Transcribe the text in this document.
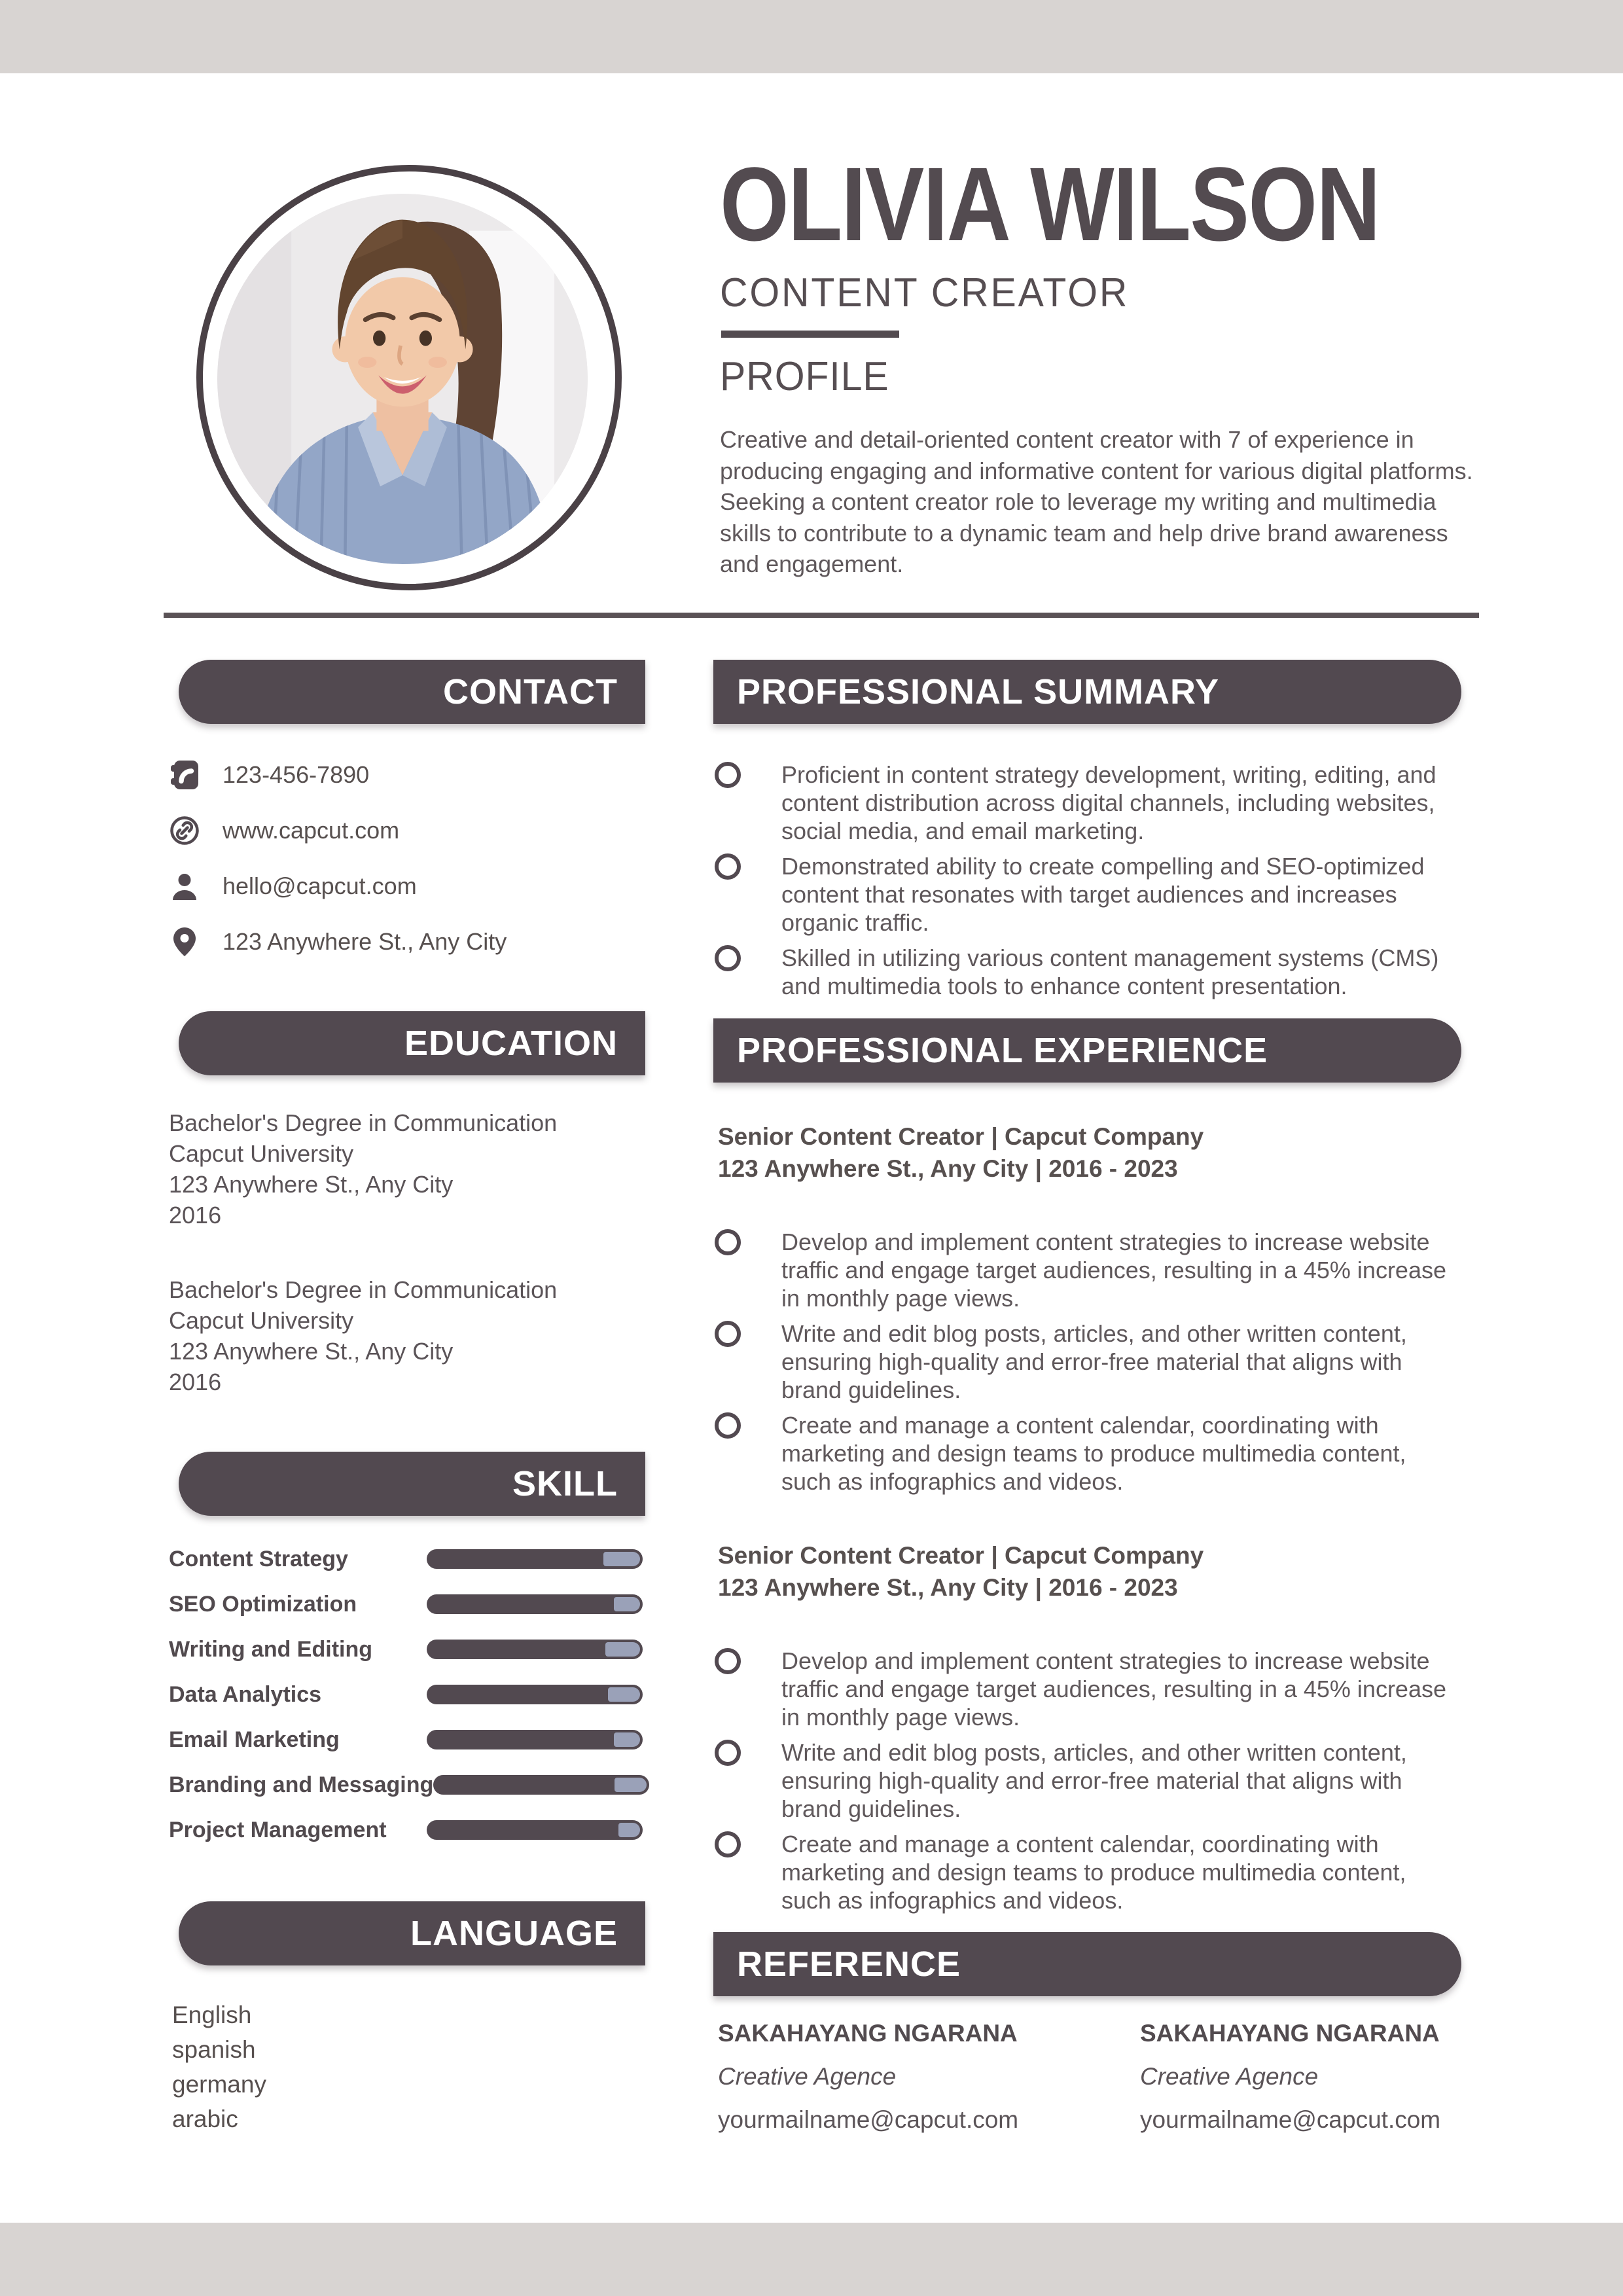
OLIVIA WILSON

CONTENT CREATOR

PROFILE

Creative and detail-oriented content creator with 7 of experience in producing engaging and informative content for various digital platforms. Seeking a content creator role to leverage my writing and multimedia skills to contribute to a dynamic team and help drive brand awareness and engagement.

CONTACT
123-456-7890
www.capcut.com
hello@capcut.com
123 Anywhere St., Any City
EDUCATION
Bachelor's Degree in Communication
Capcut University
123 Anywhere St., Any City
2016
Bachelor's Degree in Communication
Capcut University
123 Anywhere St., Any City
2016
SKILL
Content Strategy
SEO Optimization
Writing and Editing
Data Analytics
Email Marketing
Branding and Messaging
Project Management
LANGUAGE
English
spanish
germany
arabic
PROFESSIONAL SUMMARY
Proficient in content strategy development, writing, editing, and content distribution across digital channels, including websites, social media, and email marketing.
Demonstrated ability to create compelling and SEO-optimized content that resonates with target audiences and increases organic traffic.
Skilled in utilizing various content management systems (CMS) and multimedia tools to enhance content presentation.
PROFESSIONAL EXPERIENCE
Senior Content Creator | Capcut Company
123 Anywhere St., Any City | 2016 - 2023
Develop and implement content strategies to increase website traffic and engage target audiences, resulting in a 45% increase in monthly page views.
Write and edit blog posts, articles, and other written content, ensuring high-quality and error-free material that aligns with brand guidelines.
Create and manage a content calendar, coordinating with marketing and design teams to produce multimedia content, such as infographics and videos.
Senior Content Creator | Capcut Company
123 Anywhere St., Any City | 2016 - 2023
Develop and implement content strategies to increase website traffic and engage target audiences, resulting in a 45% increase in monthly page views.
Write and edit blog posts, articles, and other written content, ensuring high-quality and error-free material that aligns with brand guidelines.
Create and manage a content calendar, coordinating with marketing and design teams to produce multimedia content, such as infographics and videos.
REFERENCE

SAKAHAYANG NGARANA

Creative Agence

yourmailname@capcut.com

SAKAHAYANG NGARANA

Creative Agence

yourmailname@capcut.com
